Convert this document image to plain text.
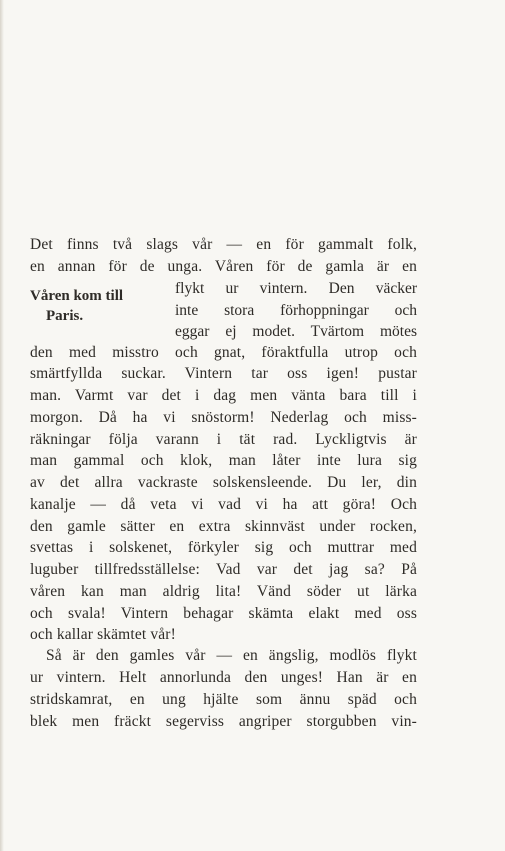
Det finns två slags vår — en för gammalt folk,
en annan för de unga. Våren för de gamla är en
Våren kom till
Paris.
flykt ur vintern. Den väcker
inte stora förhoppningar och
eggar ej modet. Tvärtom mötes
den med misstro och gnat, föraktfulla utrop och
smärtfyllda suckar. Vintern tar oss igen! pustar
man. Varmt var det i dag men vänta bara till i
morgon. Då ha vi snöstorm! Nederlag och miss-
räkningar följa varann i tät rad. Lyckligtvis är
man gammal och klok, man låter inte lura sig
av det allra vackraste solskensleende. Du ler, din
kanalje — då veta vi vad vi ha att göra! Och
den gamle sätter en extra skinnväst under rocken,
svettas i solskenet, förkyler sig och muttrar med
luguber tillfredsställelse: Vad var det jag sa? På
våren kan man aldrig lita! Vänd söder ut lärka
och svala! Vintern behagar skämta elakt med oss
och kallar skämtet vår!
Så är den gamles vår — en ängslig, modlös flykt
ur vintern. Helt annorlunda den unges! Han är en
stridskamrat, en ung hjälte som ännu späd och
blek men fräckt segerviss angriper storgubben vin-
